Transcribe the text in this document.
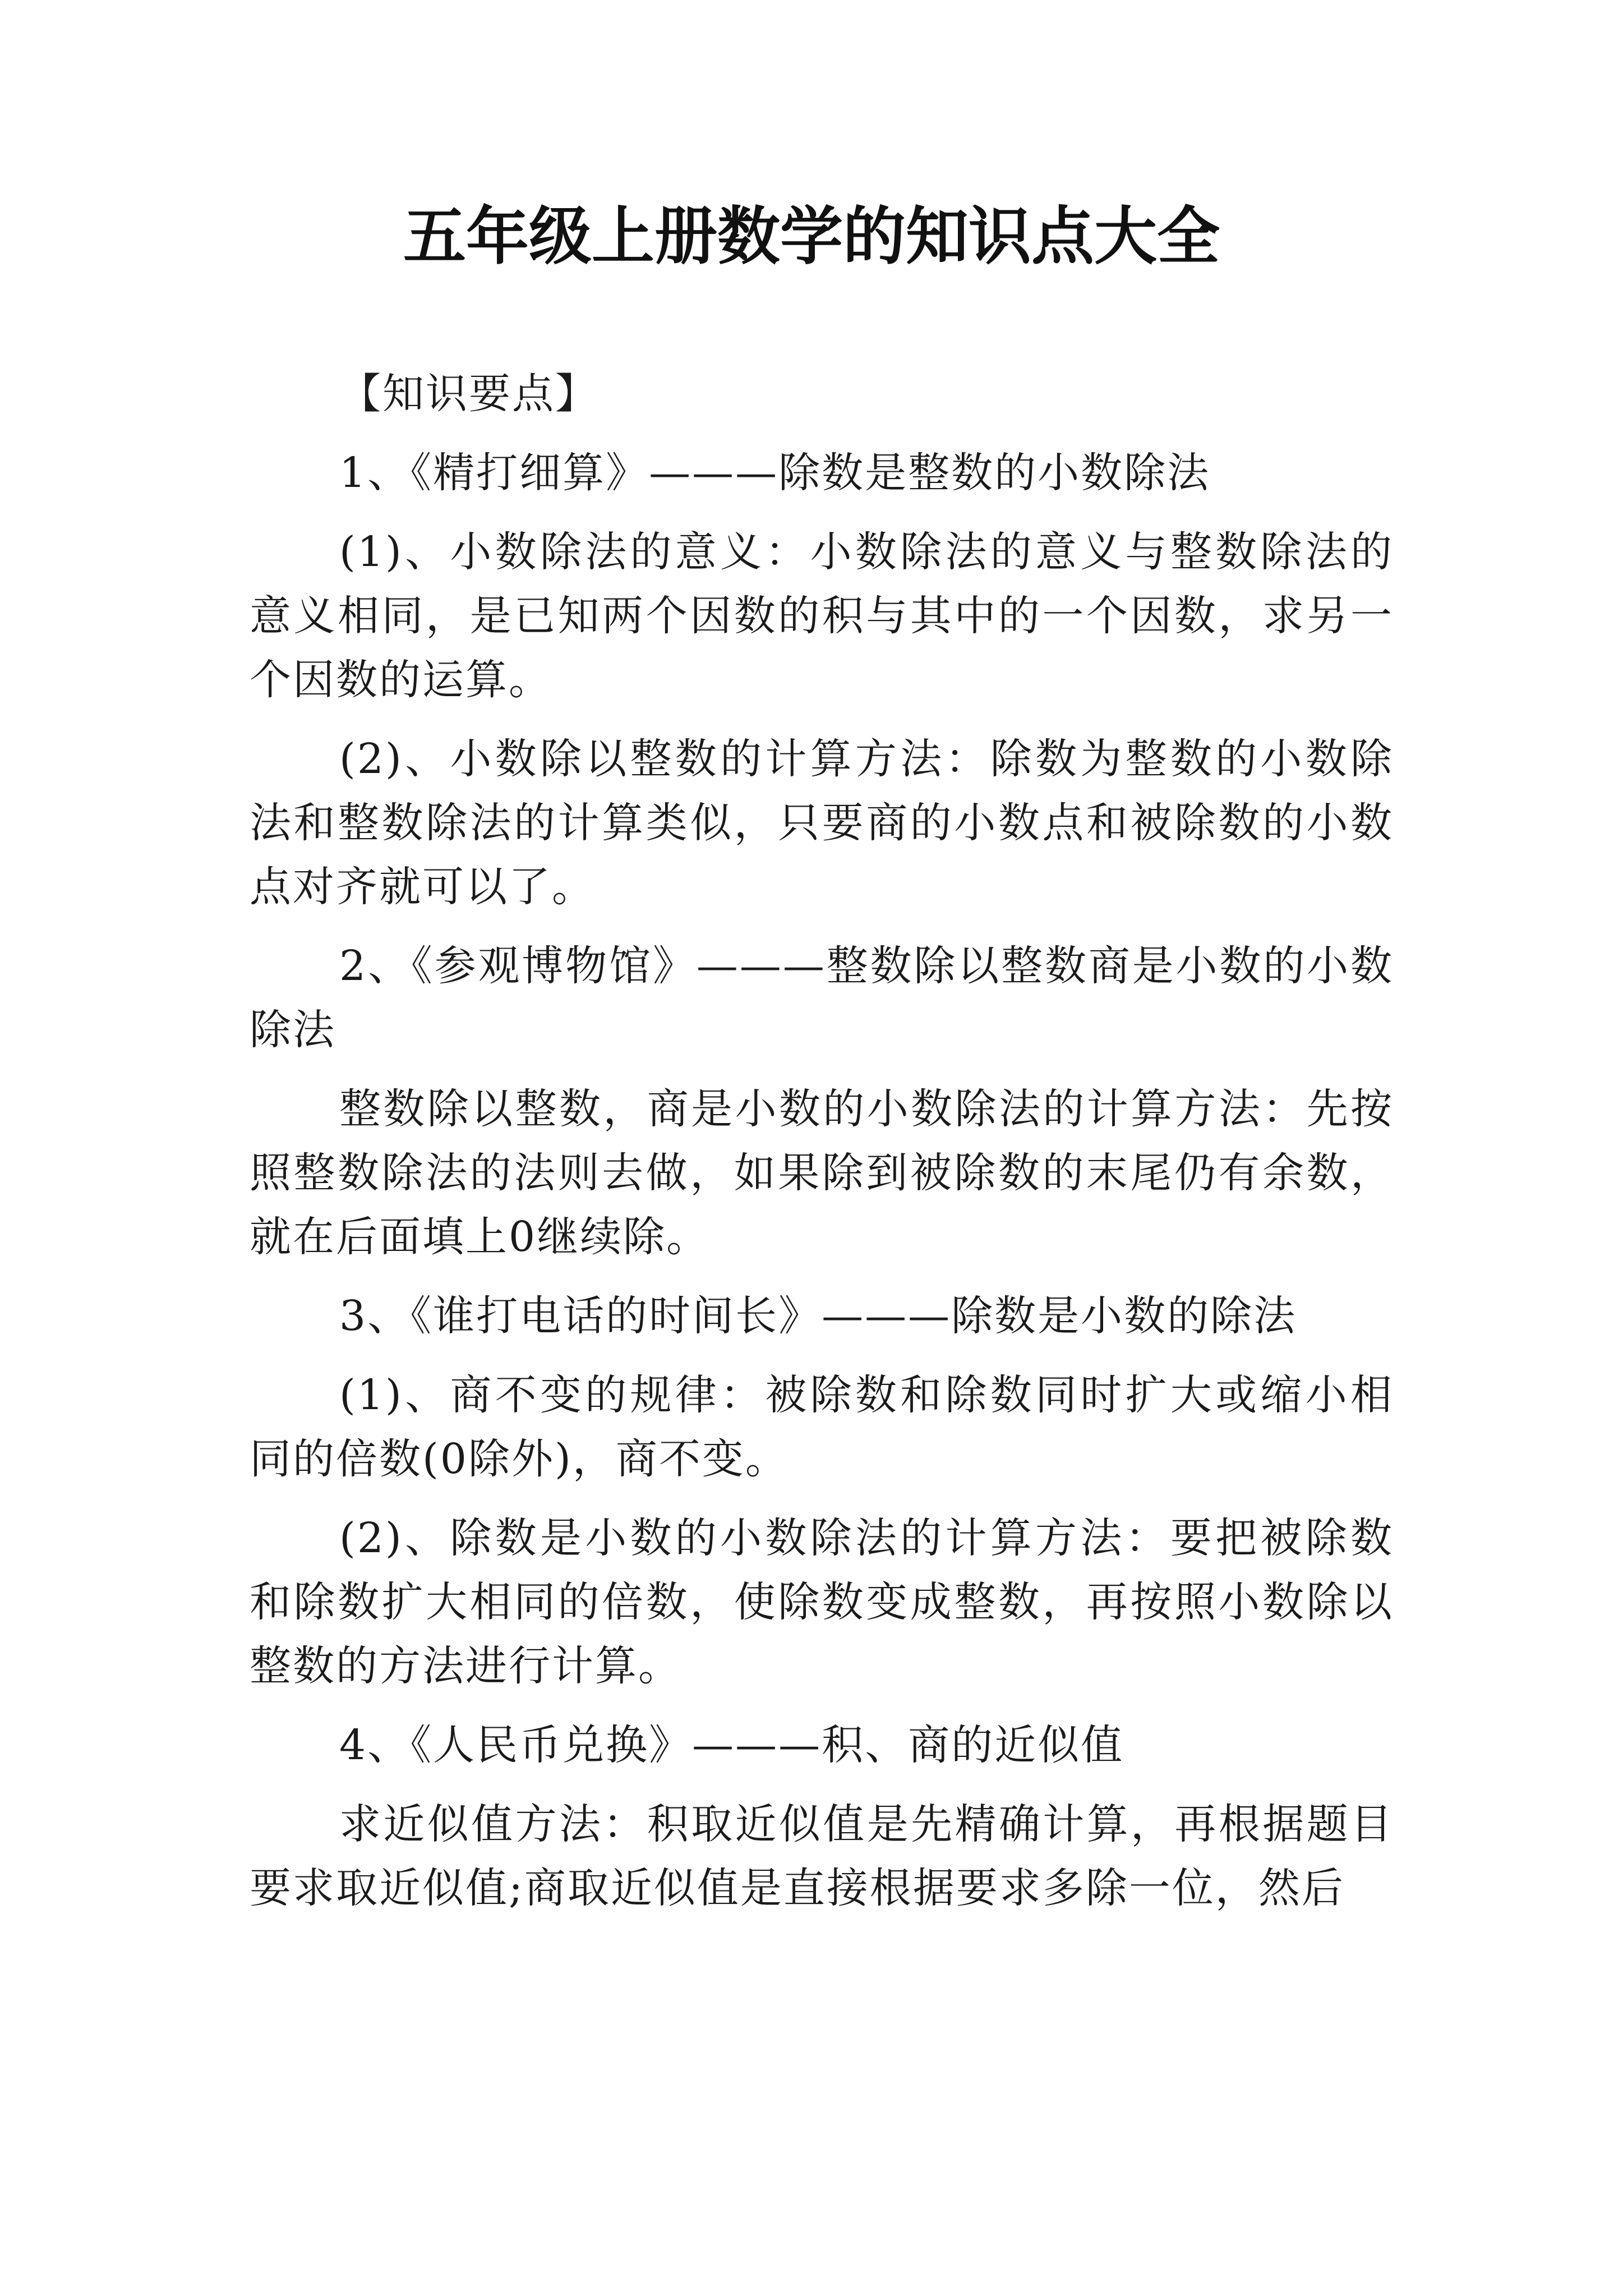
五年级上册数学的知识点大全

【知识要点】

1、《精打细算》———除数是整数的小数除法

(1)、小数除法的意义：小数除法的意义与整数除法的意义相同，是已知两个因数的积与其中的一个因数，求另一个因数的运算。

(2)、小数除以整数的计算方法：除数为整数的小数除法和整数除法的计算类似，只要商的小数点和被除数的小数点对齐就可以了。

2、《参观博物馆》———整数除以整数商是小数的小数除法

整数除以整数，商是小数的小数除法的计算方法：先按照整数除法的法则去做，如果除到被除数的末尾仍有余数，就在后面填上0继续除。

3、《谁打电话的时间长》———除数是小数的除法

(1)、商不变的规律：被除数和除数同时扩大或缩小相同的倍数(0除外)，商不变。

(2)、除数是小数的小数除法的计算方法：要把被除数和除数扩大相同的倍数，使除数变成整数，再按照小数除以整数的方法进行计算。

4、《人民币兑换》———积、商的近似值

求近似值方法：积取近似值是先精确计算，再根据题目要求取近似值;商取近似值是直接根据要求多除一位，然后
